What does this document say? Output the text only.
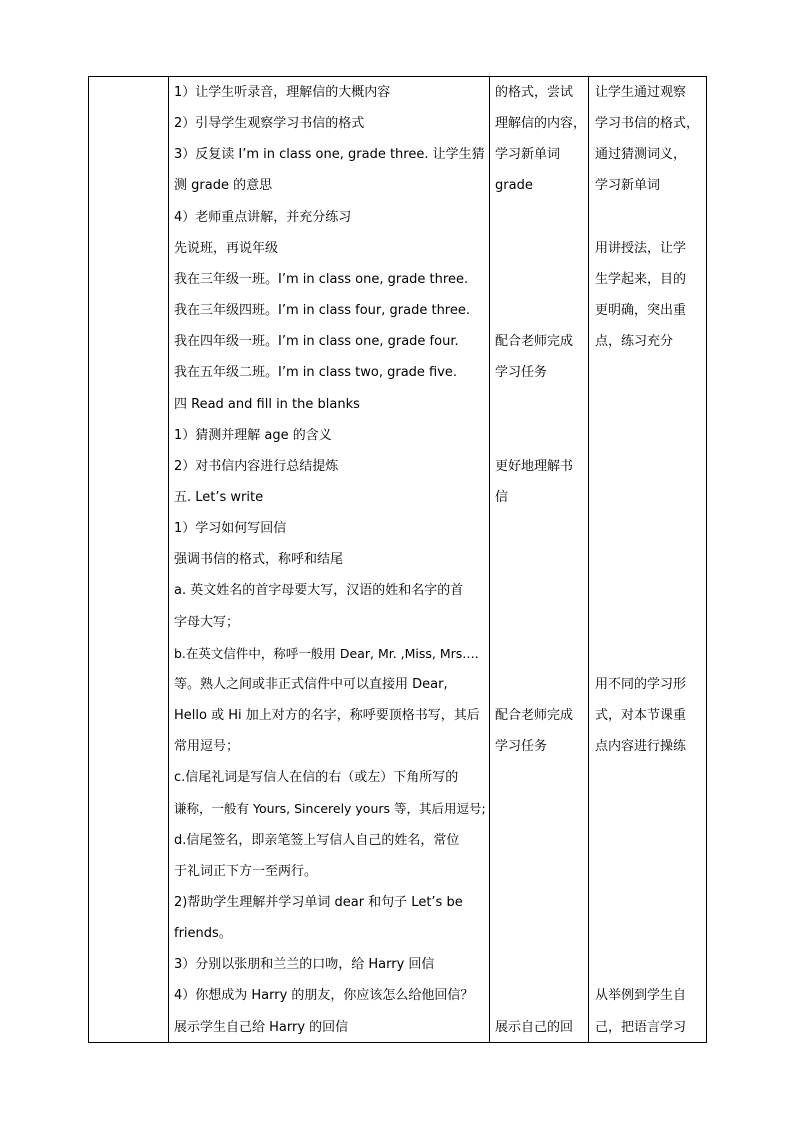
1）让学生听录音，理解信的大概内容
2）引导学生观察学习书信的格式
3）反复读 I’m in class one, grade three. 让学生猜
测 grade 的意思
4）老师重点讲解，并充分练习
先说班，再说年级
我在三年级一班。I’m in class one, grade three.
我在三年级四班。I’m in class four, grade three.
我在四年级一班。I’m in class one, grade four.
我在五年级二班。I’m in class two, grade five.
四 Read and fill in the blanks
1）猜测并理解 age 的含义
2）对书信内容进行总结提炼
五. Let’s write
1）学习如何写回信
强调书信的格式，称呼和结尾
a. 英文姓名的首字母要大写，汉语的姓和名字的首
字母大写；
b.在英文信件中，称呼一般用 Dear, Mr. ,Miss, Mrs….
等。熟人之间或非正式信件中可以直接用 Dear,
Hello 或 Hi 加上对方的名字，称呼要顶格书写，其后
常用逗号；
c.信尾礼词是写信人在信的右（或左）下角所写的
谦称，一般有 Yours, Sincerely yours 等，其后用逗号;
d.信尾签名，即亲笔签上写信人自己的姓名，常位
于礼词正下方一至两行。
2)帮助学生理解并学习单词 dear 和句子 Let’s be
friends。
3）分别以张朋和兰兰的口吻，给 Harry 回信
4）你想成为 Harry 的朋友，你应该怎么给他回信？
展示学生自己给 Harry 的回信
的格式，尝试
理解信的内容，
学习新单词
grade
配合老师完成
学习任务
更好地理解书
信
配合老师完成
学习任务
展示自己的回
让学生通过观察
学习书信的格式，
通过猜测词义，
学习新单词
用讲授法，让学
生学起来，目的
更明确，突出重
点，练习充分
用不同的学习形
式，对本节课重
点内容进行操练
从举例到学生自
己，把语言学习
